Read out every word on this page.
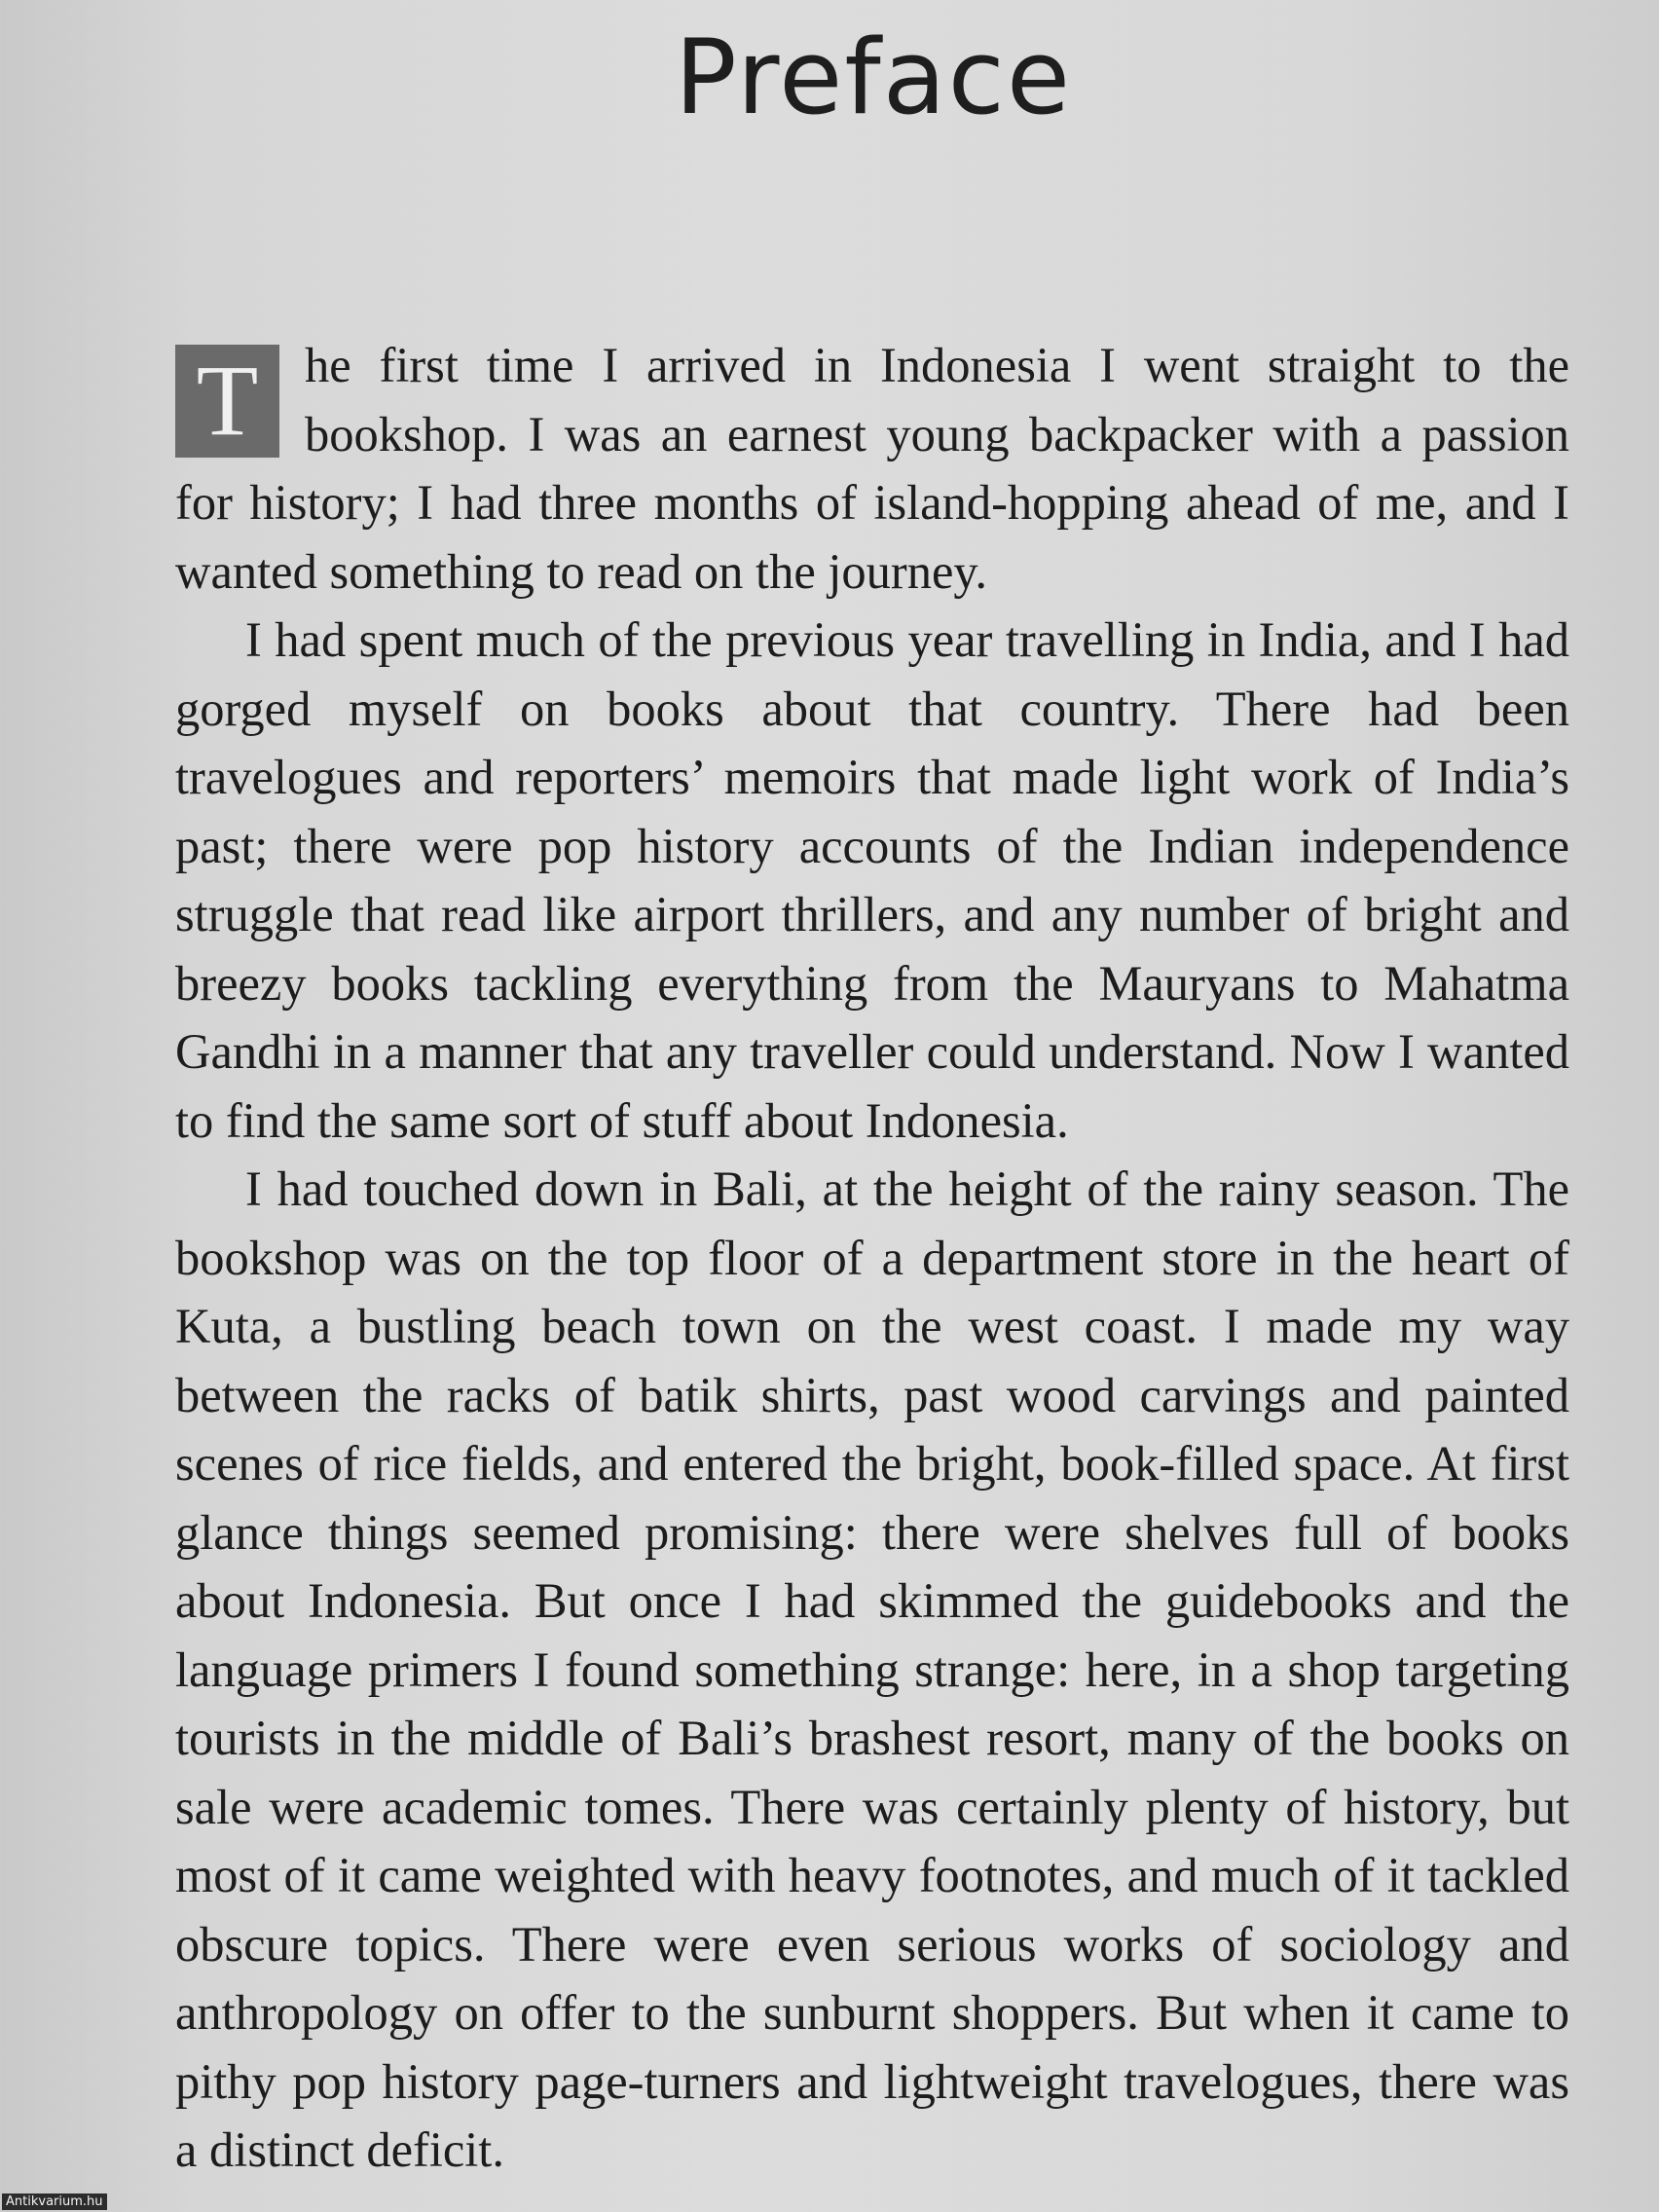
Preface

T he first time I arrived in Indonesia I went straight to the bookshop. I was an earnest young backpacker with a passion for history; I had three months of island-hopping ahead of me, and I wanted something to read on the journey.

I had spent much of the previous year travelling in India, and I had gorged myself on books about that country. There had been travelogues and reporters’ memoirs that made light work of India’s past; there were pop history accounts of the Indian independence struggle that read like airport thrillers, and any number of bright and breezy books tackling everything from the Mauryans to Mahatma Gandhi in a manner that any traveller could understand. Now I wanted to find the same sort of stuff about Indonesia.

I had touched down in Bali, at the height of the rainy season. The bookshop was on the top floor of a department store in the heart of Kuta, a bustling beach town on the west coast. I made my way between the racks of batik shirts, past wood carvings and painted scenes of rice fields, and entered the bright, book-filled space. At first glance things seemed promising: there were shelves full of books about Indonesia. But once I had skimmed the guidebooks and the language primers I found something strange: here, in a shop targeting tourists in the middle of Bali’s brashest resort, many of the books on sale were academic tomes. There was certainly plenty of history, but most of it came weighted with heavy footnotes, and much of it tackled obscure topics. There were even serious works of sociology and anthropology on offer to the sunburnt shoppers. But when it came to pithy pop history page-turners and lightweight travelogues, there was a distinct deficit.

Antikvarium.hu
